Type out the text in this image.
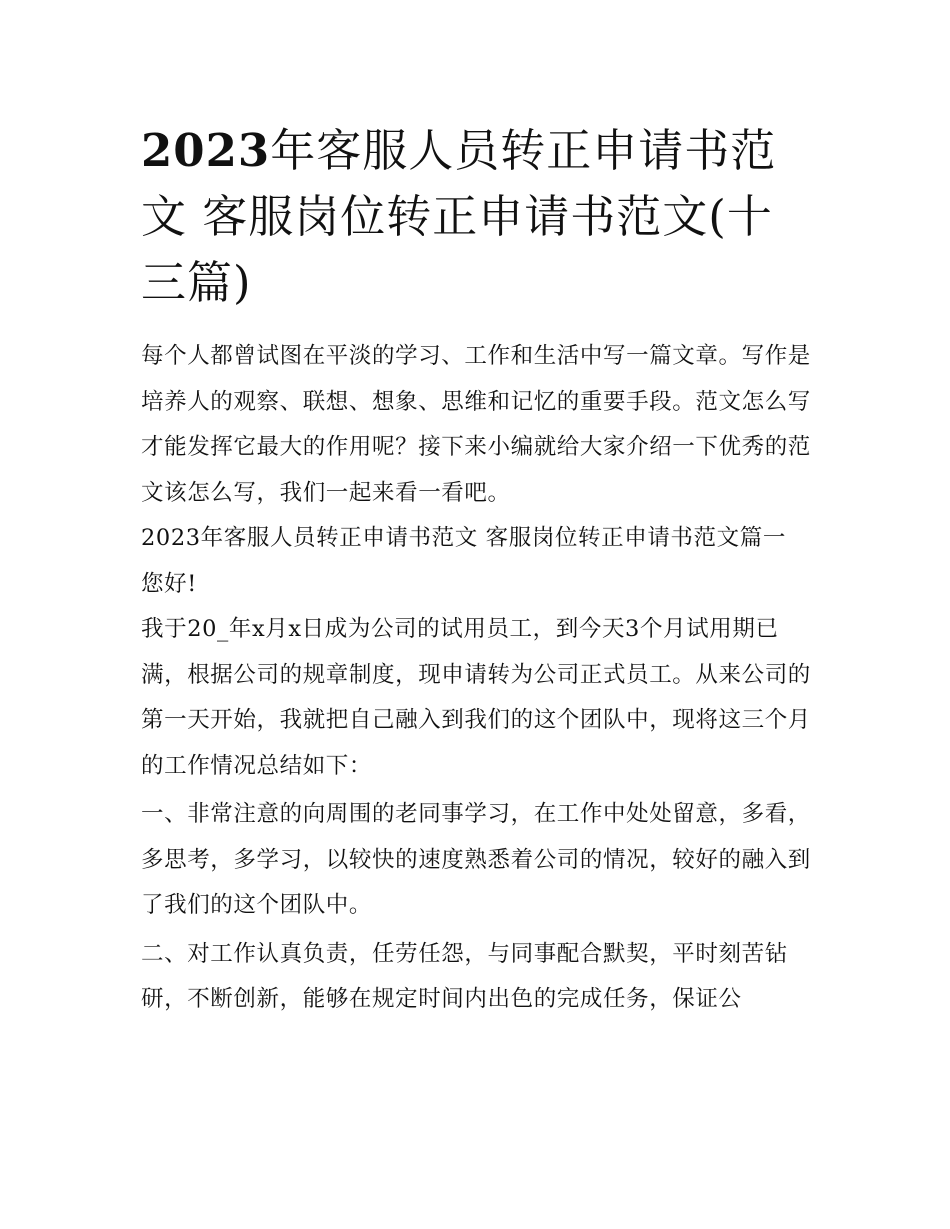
2023年客服人员转正申请书范文 客服岗位转正申请书范文(十三篇)

每个人都曾试图在平淡的学习、工作和生活中写一篇文章。写作是培养人的观察、联想、想象、思维和记忆的重要手段。范文怎么写才能发挥它最大的作用呢？接下来小编就给大家介绍一下优秀的范文该怎么写，我们一起来看一看吧。

2023年客服人员转正申请书范文 客服岗位转正申请书范文篇一 您好!

我于20_年x月x日成为公司的试用员工，到今天3个月试用期已满，根据公司的规章制度，现申请转为公司正式员工。从来公司的第一天开始，我就把自己融入到我们的这个团队中，现将这三个月的工作情况总结如下：

一、非常注意的向周围的老同事学习，在工作中处处留意，多看，多思考，多学习，以较快的速度熟悉着公司的情况，较好的融入到了我们的这个团队中。

二、对工作认真负责，任劳任怨，与同事配合默契，平时刻苦钻研，不断创新，能够在规定时间内出色的完成任务，保证公
